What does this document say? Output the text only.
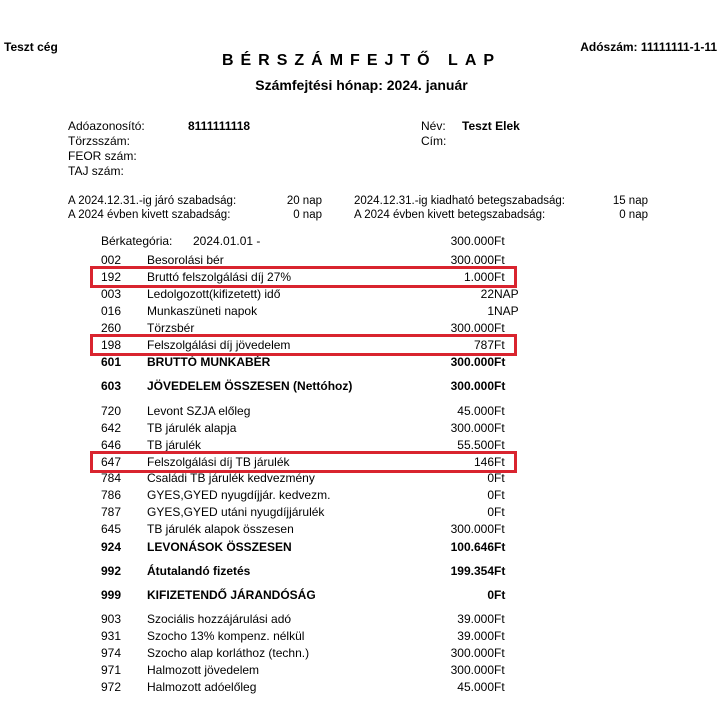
Teszt cég	Adószám: 11111111-1-11
BÉRSZÁMFEJTŐ LAP
Számfejtési hónap: 2024. január
Adóazonosító:	8111111118
Törzsszám:
FEOR szám:
TAJ szám:
Név: Teszt Elek
Cím:
A 2024.12.31.-ig járó szabadság:	20 nap
A 2024 évben kivett szabadság:	0 nap
2024.12.31.-ig kiadható betegszabadság:	15 nap
A 2024 évben kivett betegszabadság:	0 nap
Bérkategória: 2024.01.01 -	300.000 Ft
002 Besorolási bér	300.000 Ft
192 Bruttó felszolgálási díj 27%	1.000 Ft
003 Ledolgozott(kifizetett) idő	22 NAP
016 Munkaszüneti napok	1 NAP
260 Törzsbér	300.000 Ft
198 Felszolgálási díj jövedelem	787 Ft
601 BRUTTÓ MUNKABÉR	300.000 Ft
603 JÖVEDELEM ÖSSZESEN (Nettóhoz)	300.000 Ft
720 Levont SZJA előleg	45.000 Ft
642 TB járulék alapja	300.000 Ft
646 TB járulék	55.500 Ft
647 Felszolgálási díj TB járulék	146 Ft
784 Családi TB járulék kedvezmény	0 Ft
786 GYES,GYED nyugdíjjár. kedvezm.	0 Ft
787 GYES,GYED utáni nyugdíjjárulék	0 Ft
645 TB járulék alapok összesen	300.000 Ft
924 LEVONÁSOK ÖSSZESEN	100.646 Ft
992 Átutalandó fizetés	199.354 Ft
999 KIFIZETENDŐ JÁRANDÓSÁG	0 Ft
903 Szociális hozzájárulási adó	39.000 Ft
931 Szocho 13% kompenz. nélkül	39.000 Ft
974 Szocho alap korláthoz (techn.)	300.000 Ft
971 Halmozott jövedelem	300.000 Ft
972 Halmozott adóelőleg	45.000 Ft
